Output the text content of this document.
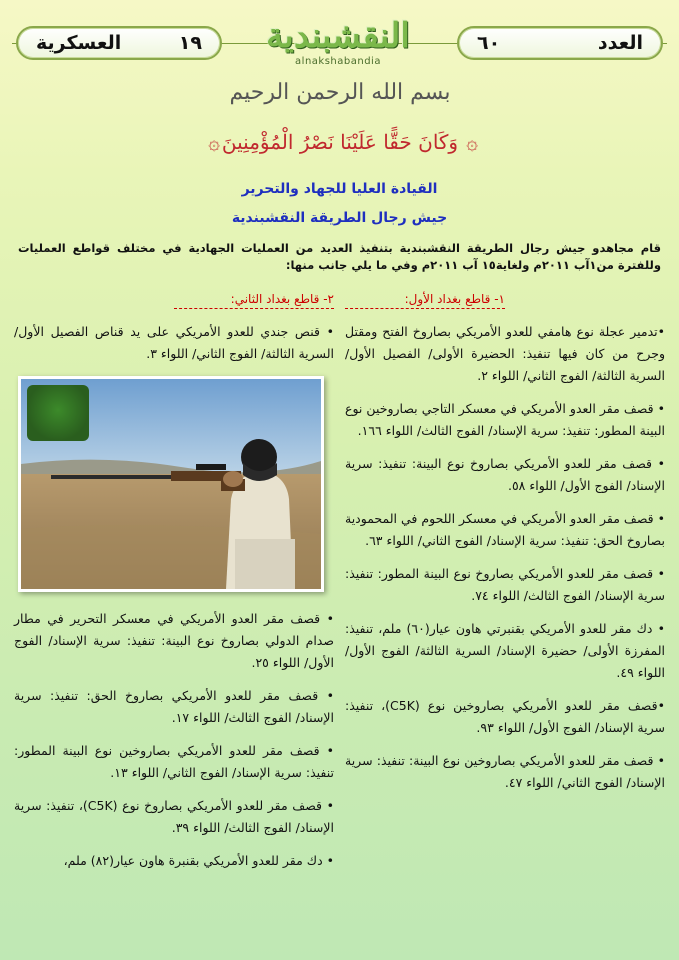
العدد
٦٠
١٩
العسكرية	النقشبندية
alnakshabandia
بسم الله الرحمن الرحيم
۞
وَكَانَ حَقًّا عَلَيْنَا نَصْرُ الْمُؤْمِنِينَ
۞
القيادة العليا للجهاد والتحرير
جيش رجال الطريقة النقشبندية
قام مجاهدو جيش رجال الطريقة النقشبندية بتنفيذ العديد من العمليات الجهادية في مختلف قواطع العمليات وللفترة من١آب ٢٠١١م ولغاية١٥ آب ٢٠١١م وفي ما يلي جانب منها:
١- قاطع بغداد الأول:
•تدمير عجلة نوع هامفي للعدو الأمريكي بصاروخ الفتح ومقتل وجرح من كان فيها تنفيذ: الحضيرة الأولى/ الفصيل الأول/ السرية الثالثة/ الفوج الثاني/ اللواء ٢.
• قصف مقر العدو الأمريكي في معسكر التاجي بصاروخين نوع البينة المطور: تنفيذ: سرية الإسناد/ الفوج الثالث/ اللواء ١٦٦.
• قصف مقر للعدو الأمريكي بصاروخ نوع البينة: تنفيذ: سرية الإسناد/ الفوج الأول/ اللواء ٥٨.
• قصف مقر العدو الأمريكي في معسكر اللحوم في المحمودية بصاروخ الحق: تنفيذ: سرية الإسناد/ الفوج الثاني/ اللواء ٦٣.
• قصف مقر للعدو الأمريكي بصاروخ نوع البينة المطور: تنفيذ: سرية الإسناد/ الفوج الثالث/ اللواء ٧٤.
• دك مقر للعدو الأمريكي بقنبرتي هاون عيار(٦٠) ملم، تنفيذ: المفرزة الأولى/ حضيرة الإسناد/ السرية الثالثة/ الفوج الأول/ اللواء ٤٩.
•قصف مقر للعدو الأمريكي بصاروخين نوع (C5K)، تنفيذ: سرية الإسناد/ الفوج الأول/ اللواء ٩٣.
• قصف مقر للعدو الأمريكي بصاروخين نوع البينة: تنفيذ: سرية الإسناد/ الفوج الثاني/ اللواء ٤٧.
٢- قاطع بغداد الثاني:
• قنص جندي للعدو الأمريكي على يد قناص الفصيل الأول/ السرية الثالثة/ الفوج الثاني/ اللواء ٣.
• قصف مقر العدو الأمريكي في معسكر التحرير في مطار صدام الدولي بصاروخ نوع البينة: تنفيذ: سرية الإسناد/ الفوج الأول/ اللواء ٢٥.
• قصف مقر للعدو الأمريكي بصاروخ الحق: تنفيذ: سرية الإسناد/ الفوج الثالث/ اللواء ١٧.
• قصف مقر للعدو الأمريكي بصاروخين نوع البينة المطور: تنفيذ: سرية الإسناد/ الفوج الثاني/ اللواء ١٣.
• قصف مقر للعدو الأمريكي بصاروخ نوع (C5K)، تنفيذ: سرية الإسناد/ الفوج الثالث/ اللواء ٣٩.
• دك مقر للعدو الأمريكي بقنبرة هاون عيار(٨٢) ملم،
